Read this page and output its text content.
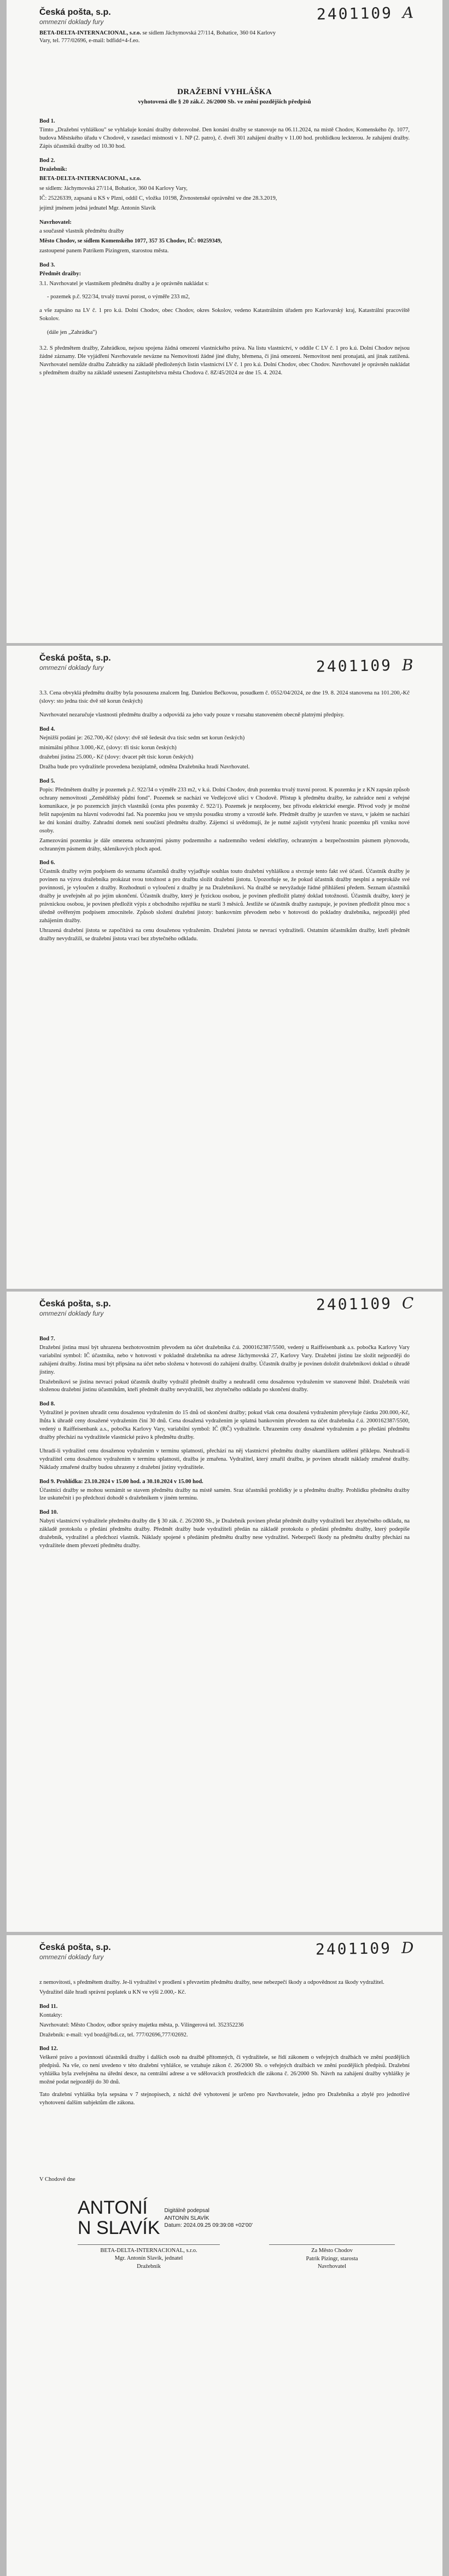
Česká pošta, s.p.
ommezní doklady fury	2401109 A
BETA-DELTA-INTERNACIONAL, s.r.o. se sídlem Jáchymovská 27/114, Bohatice, 360 04 Karlovy
Vary, tel. 777/02696, e-mail: bdfidd+4-f.eo.
DRAŽEBNÍ VYHLÁŠKA
vyhotovená dle § 20 zák.č. 26/2000 Sb. ve znění pozdějších předpisů
Bod 1.

Tímto „Dražební vyhláškou" se vyhlašuje konání dražby dobrovolné. Den konání dražby se stanovuje na 06.11.2024, na místě Chodov, Komenského čp. 1077, budova Městského úřadu v Chodově, v zasedací místnosti v 1. NP (2. patro), č. dveří 301 zahájení dražby v 11.00 hod. prohlídkou leckterou. Je zahájení dražby. Zápis účastníků dražby od 10.30 hod.

Bod 2.

Dražebník:

BETA-DELTA-INTERNACIONAL, s.r.o.

se sídlem: Jáchymovská 27/114, Bohatice, 360 04 Karlovy Vary,

IČ: 25226339, zapsaná u KS v Plzni, oddíl C, vložka 10198, Živnostenské oprávnění ve dne 28.3.2019,

jejímž jménem jedná jednatel Mgr. Antonín Slavík

Navrhovatel:

a současně vlastník předmětu dražby

Město Chodov, se sídlem Komenského 1077, 357 35 Chodov, IČ: 00259349,

zastoupené panem Patrikem Pizingrem, starostou města.

Bod 3.

Předmět dražby:

3.1. Navrhovatel je vlastníkem předmětu dražby a je oprávněn nakládat s:

- pozemek p.č. 922/34, trvalý travní porost, o výměře 233 m2,

a vše zapsáno na LV č. 1 pro k.ú. Dolní Chodov, obec Chodov, okres Sokolov, vedeno Katastrálním úřadem pro Karlovarský kraj, Katastrální pracoviště Sokolov.

(dále jen „Zahrádka")

3.2. S předmětem dražby, Zahrádkou, nejsou spojena žádná omezení vlastnického práva. Na listu vlastnictví, v oddíle C LV č. 1 pro k.ú. Dolní Chodov nejsou žádné záznamy. Dle vyjádření Navrhovatele nevázne na Nemovitosti žádné jiné dluhy, břemena, či jiná omezení. Nemovitost není pronajatá, ani jinak zatížená. Navrhovatel nemůže dražbu Zahrádky na základě předložených listin vlastnictví LV č. 1 pro k.ú. Dolní Chodov, obec Chodov. Navrhovatel je oprávněn nakládat s předmětem dražby na základě usnesení Zastupitelstva města Chodova č. 8Z/45/2024 ze dne 15. 4. 2024.

Česká pošta, s.p.
ommezní doklady fury	2401109 B

3.3. Cena obvyklá předmětu dražby byla posouzena znalcem Ing. Danielou Bečkovou, posudkem č. 0552/04/2024, ze dne 19. 8. 2024 stanovena na 101.200,-Kč (slovy: sto jedna tisíc dvě stě korun českých)

Navrhovatel nezaručuje vlastnosti předmětu dražby a odpovídá za jeho vady pouze v rozsahu stanoveném obecně platnými předpisy.

Bod 4.

Nejnižší podání je: 262.700,-Kč (slovy: dvě stě šedesát dva tisíc sedm set korun českých)

minimální příhoz 3.000,-Kč, (slovy: tři tisíc korun českých)

dražební jistina 25.000,- Kč (slovy: dvacet pět tisíc korun českých)

Dražba bude pro vydražitele provedena bezúplatně, odměna Dražebníka hradí Navrhovatel.

Bod 5.

Popis: Předmětem dražby je pozemek p.č. 922/34 o výměře 233 m2, v k.ú. Dolní Chodov, druh pozemku trvalý travní porost. K pozemku je z KN zapsán způsob ochrany nemovitosti „Zemědělský půdní fond". Pozemek se nachází ve Vedlejcové ulici v Chodově. Přístup k předmětu dražby, ke zahrádce není z veřejné komunikace, je po pozemcích jiných vlastníků (cesta přes pozemky č. 922/1). Pozemek je nezploceny, bez přívodu elektrické energie. Přívod vody je možné řešit napojením na hlavní vodovodní řad. Na pozemku jsou ve smyslu posudku stromy a vzrostlé keře. Předmět dražby je uzavřen ve stavu, v jakém se nachází ke dni konání dražby. Zahradní domek není součástí předmětu dražby. Zájemci si uvědomují, že je nutné zajistit vytyčení hranic pozemku při vzniku nové osoby.

Zamezování pozemku je dále omezena ochrannými pásmy podzemního a nadzemního vedení elektřiny, ochranným a bezpečnostním pásmem plynovodu, ochranným pásmem dráhy, skleníkových ploch apod.

Bod 6.

Účastník dražby svým podpisem do seznamu účastníků dražby vyjadřuje souhlas touto dražební vyhláškou a stvrzuje tento fakt své účasti. Účastník dražby je povinen na výzvu dražebníka prokázat svou totožnost a pro dražbu složit dražební jistotu. Upozorňuje se, že pokud účastník dražby nesplní a neprokáže své povinnosti, je vyloučen z dražby. Rozhodnutí o vyloučení z dražby je na Dražebníkovi. Na dražbě se nevyžaduje řádné přihlášení předem. Seznam účastníků dražby je uveřejněn až po jejím ukončení. Účastník dražby, který je fyzickou osobou, je povinen předložit platný doklad totožnosti. Účastník dražby, který je právnickou osobou, je povinen předložit výpis z obchodního rejstříku ne starší 3 měsíců. Jestliže se účastník dražby zastupuje, je povinen předložit plnou moc s úředně ověřeným podpisem zmocnitele. Způsob složení dražební jistoty: bankovním převodem nebo v hotovosti do pokladny dražebníka, nejpozději před zahájením dražby.

Uhrazená dražební jistota se započítává na cenu dosaženou vydražením. Dražební jistota se nevrací vydražiteli. Ostatním účastníkům dražby, kteří předmět dražby nevydražili, se dražební jistota vrací bez zbytečného odkladu.

Česká pošta, s.p.
ommezní doklady fury	2401109 C
Bod 7.

Dražební jistina musí být uhrazena bezhotovostním převodem na účet dražebníka č.ú. 2000162387/5500, vedený u Raiffeisenbank a.s. pobočka Karlovy Vary variabilní symbol: IČ účastníka, nebo v hotovosti v pokladně dražebníka na adrese Jáchymovská 27, Karlovy Vary. Dražební jistinu lze složit nejpozději do zahájení dražby. Jistina musí být připsána na účet nebo složena v hotovosti do zahájení dražby. Účastník dražby je povinen doložit dražebníkovi doklad o úhradě jistiny.

Dražebníkovi se jistina nevrací pokud účastník dražby vydražil předmět dražby a neuhradil cenu dosaženou vydražením ve stanovené lhůtě. Dražebník vrátí složenou dražební jistinu účastníkům, kteří předmět dražby nevydražili, bez zbytečného odkladu po skončení dražby.

Bod 8.

Vydražitel je povinen uhradit cenu dosaženou vydražením do 15 dnů od skončení dražby; pokud však cena dosažená vydražením převyšuje částku 200.000,-Kč, lhůta k úhradě ceny dosažené vydražením činí 30 dnů. Cena dosažená vydražením je splatná bankovním převodem na účet dražebníka č.ú. 2000162387/5500, vedený u Raiffeisenbank a.s., pobočka Karlovy Vary, variabilní symbol: IČ (RČ) vydražitele. Uhrazením ceny dosažené vydražením a po předání předmětu dražby přechází na vydražitele vlastnické právo k předmětu dražby.

Uhradí-li vydražitel cenu dosaženou vydražením v termínu splatnosti, přechází na něj vlastnictví předmětu dražby okamžikem udělení příklepu. Neuhradí-li vydražitel cenu dosaženou vydražením v termínu splatnosti, dražba je zmařena. Vydražitel, který zmařil dražbu, je povinen uhradit náklady zmařené dražby. Náklady zmařené dražby budou uhrazeny z dražební jistiny vydražitele.

Bod 9. Prohlídka: 23.10.2024 v 15.00 hod. a 30.10.2024 v 15.00 hod.

Účastníci dražby se mohou seznámit se stavem předmětu dražby na místě samém. Sraz účastníků prohlídky je u předmětu dražby. Prohlídku předmětu dražby lze uskutečnit i po předchozí dohodě s dražebníkem v jiném termínu.

Bod 10.

Nabytí vlastnictví vydražitele předmětu dražby dle § 30 zák. č. 26/2000 Sb., je Dražebník povinen předat předmět dražby vydražiteli bez zbytečného odkladu, na základě protokolu o předání předmětu dražby. Předmět dražby bude vydražiteli předán na základě protokolu o předání předmětu dražby, který podepíše dražebník, vydražitel a předchozí vlastník. Náklady spojené s předáním předmětu dražby nese vydražitel. Nebezpečí škody na předmětu dražby přechází na vydražitele dnem převzetí předmětu dražby.

Česká pošta, s.p.
ommezní doklady fury	2401109 D

z nemovitosti, s předmětem dražby. Je-li vydražitel v prodlení s převzetím předmětu dražby, nese nebezpečí škody a odpovědnost za škody vydražitel.

Vydražitel dále hradí správní poplatek u KN ve výši 2.000,- Kč.

Bod 11.

Kontakty:

Navrhovatel: Město Chodov, odbor správy majetku města, p. Vilingerová tel. 352352236

Dražebník: e-mail: vyd bozd@bdi.cz, tel. 777/02696,777/02692.

Bod 12.

Veškeré právo a povinnosti účastníků dražby i dalších osob na dražbě přítomných, či vydražitele, se řídí zákonem o veřejných dražbách ve znění pozdějších předpisů. Na vše, co není uvedeno v této dražební vyhlášce, se vztahuje zákon č. 26/2000 Sb. o veřejných dražbách ve znění pozdějších předpisů. Dražební vyhláška byla zveřejněna na úřední desce, na centrální adrese a ve sdělovacích prostředcích dle zákona č. 26/2000 Sb. Návrh na zahájení dražby vyhlášky je možné podat nejpozději do 30 dnů.

Tato dražební vyhláška byla sepsána v 7 stejnopisech, z nichž dvě vyhotovení je určeno pro Navrhovatele, jedno pro Dražebníka a zbylé pro jednotlivé vyhotovení dalším subjektům dle zákona.

V Chodově dne
ANTONÍ
N SLAVÍK
Digitálně podepsal
ANTONÍN SLAVÍK
Datum: 2024.09.25 09:39:08 +02'00'
BETA-DELTA-INTERNACIONAL, s.r.o.
Mgr. Antonín Slavík, jednatel
Dražebník
Za Město Chodov
Patrik Pizingr, starosta
Navrhovatel
